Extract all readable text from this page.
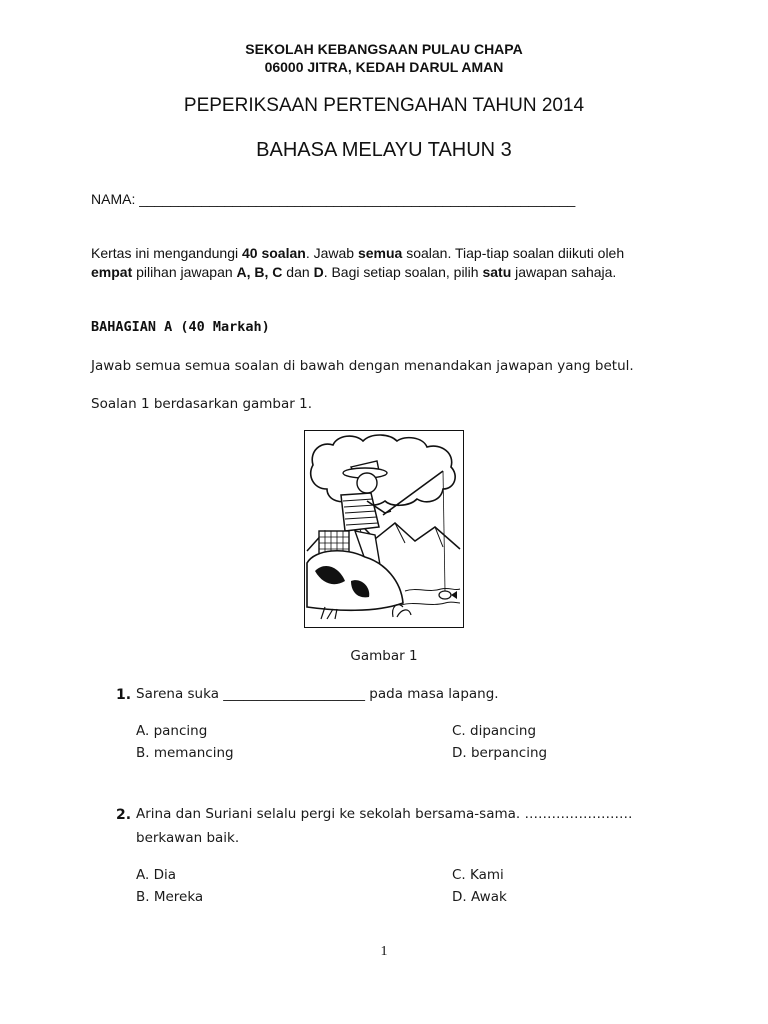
SEKOLAH KEBANGSAAN PULAU CHAPA
06000 JITRA, KEDAH DARUL AMAN
PEPERIKSAAN PERTENGAHAN TAHUN 2014
BAHASA MELAYU TAHUN 3
NAMA: ________________________________________________________
Kertas ini mengandungi 40 soalan. Jawab semua soalan. Tiap-tiap soalan diikuti oleh
empat pilihan jawapan A, B, C dan D. Bagi setiap soalan, pilih satu jawapan sahaja.
BAHAGIAN A (40 Markah)
Jawab semua semua soalan di bawah dengan menandakan jawapan yang betul.
Soalan 1 berdasarkan gambar 1.
Gambar 1
1. Sarena suka _____________________ pada masa lapang.
A. pancing
B. memancing
C. dipancing
D. berpancing
2. Arina dan Suriani selalu pergi ke sekolah bersama-sama. ……………………
berkawan baik.
A. Dia
B. Mereka
C. Kami
D. Awak
1
